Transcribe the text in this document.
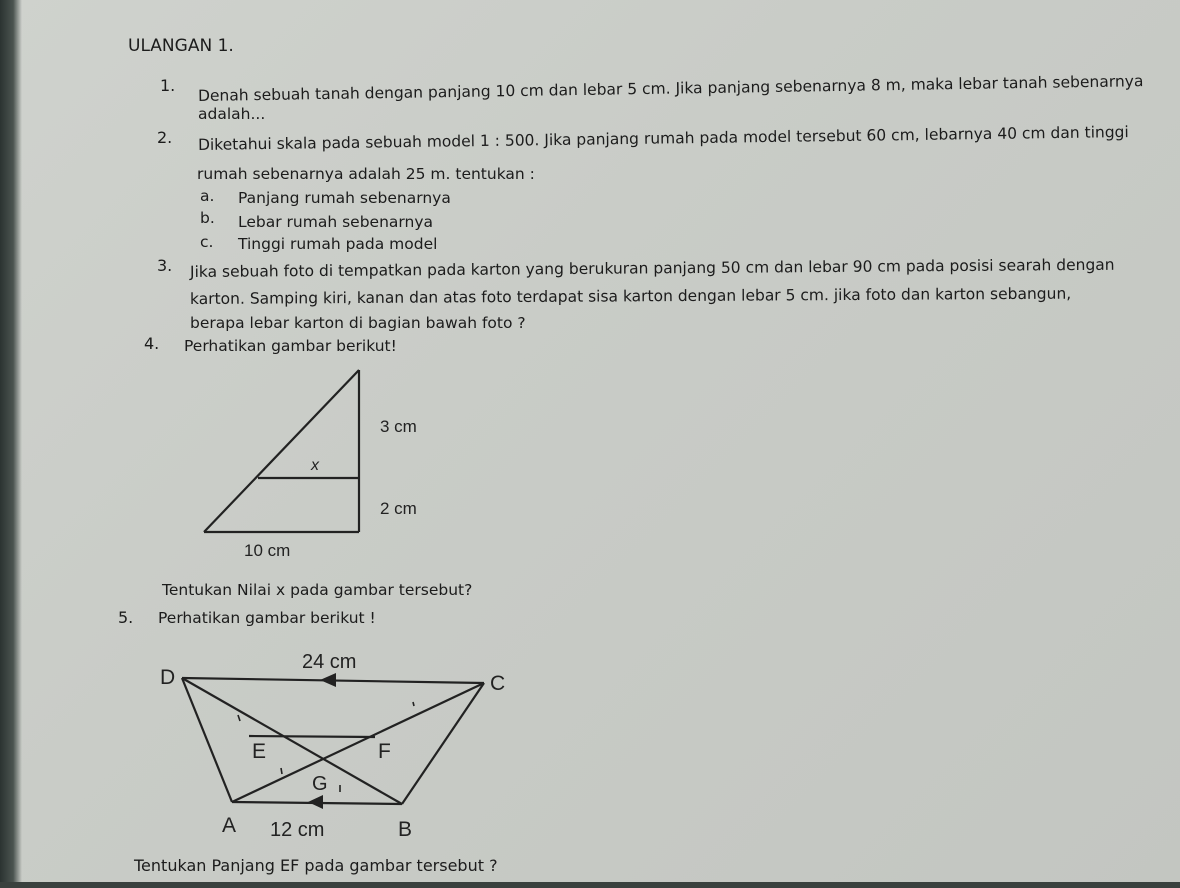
ULANGAN 1.
1. Denah sebuah tanah dengan panjang 10 cm dan lebar 5 cm. Jika panjang sebenarnya 8 m, maka lebar tanah sebenarnya
adalah...
2. Diketahui skala pada sebuah model 1 : 500. Jika panjang rumah pada model tersebut 60 cm, lebarnya 40 cm dan tinggi
rumah sebenarnya adalah 25 m. tentukan :
a. Panjang rumah sebenarnya
b. Lebar rumah sebenarnya
c. Tinggi rumah pada model
3. Jika sebuah foto di tempatkan pada karton yang berukuran panjang 50 cm dan lebar 90 cm pada posisi searah dengan
karton. Samping kiri, kanan dan atas foto terdapat sisa karton dengan lebar 5 cm. jika foto dan karton sebangun,
berapa lebar karton di bagian bawah foto ?
4. Perhatikan gambar berikut!
3 cm
2 cm
10 cm
x
Tentukan Nilai x pada gambar tersebut?
5. Perhatikan gambar berikut !
24 cm
12 cm
D	C
E	F
G
A	B
Tentukan Panjang EF pada gambar tersebut ?
